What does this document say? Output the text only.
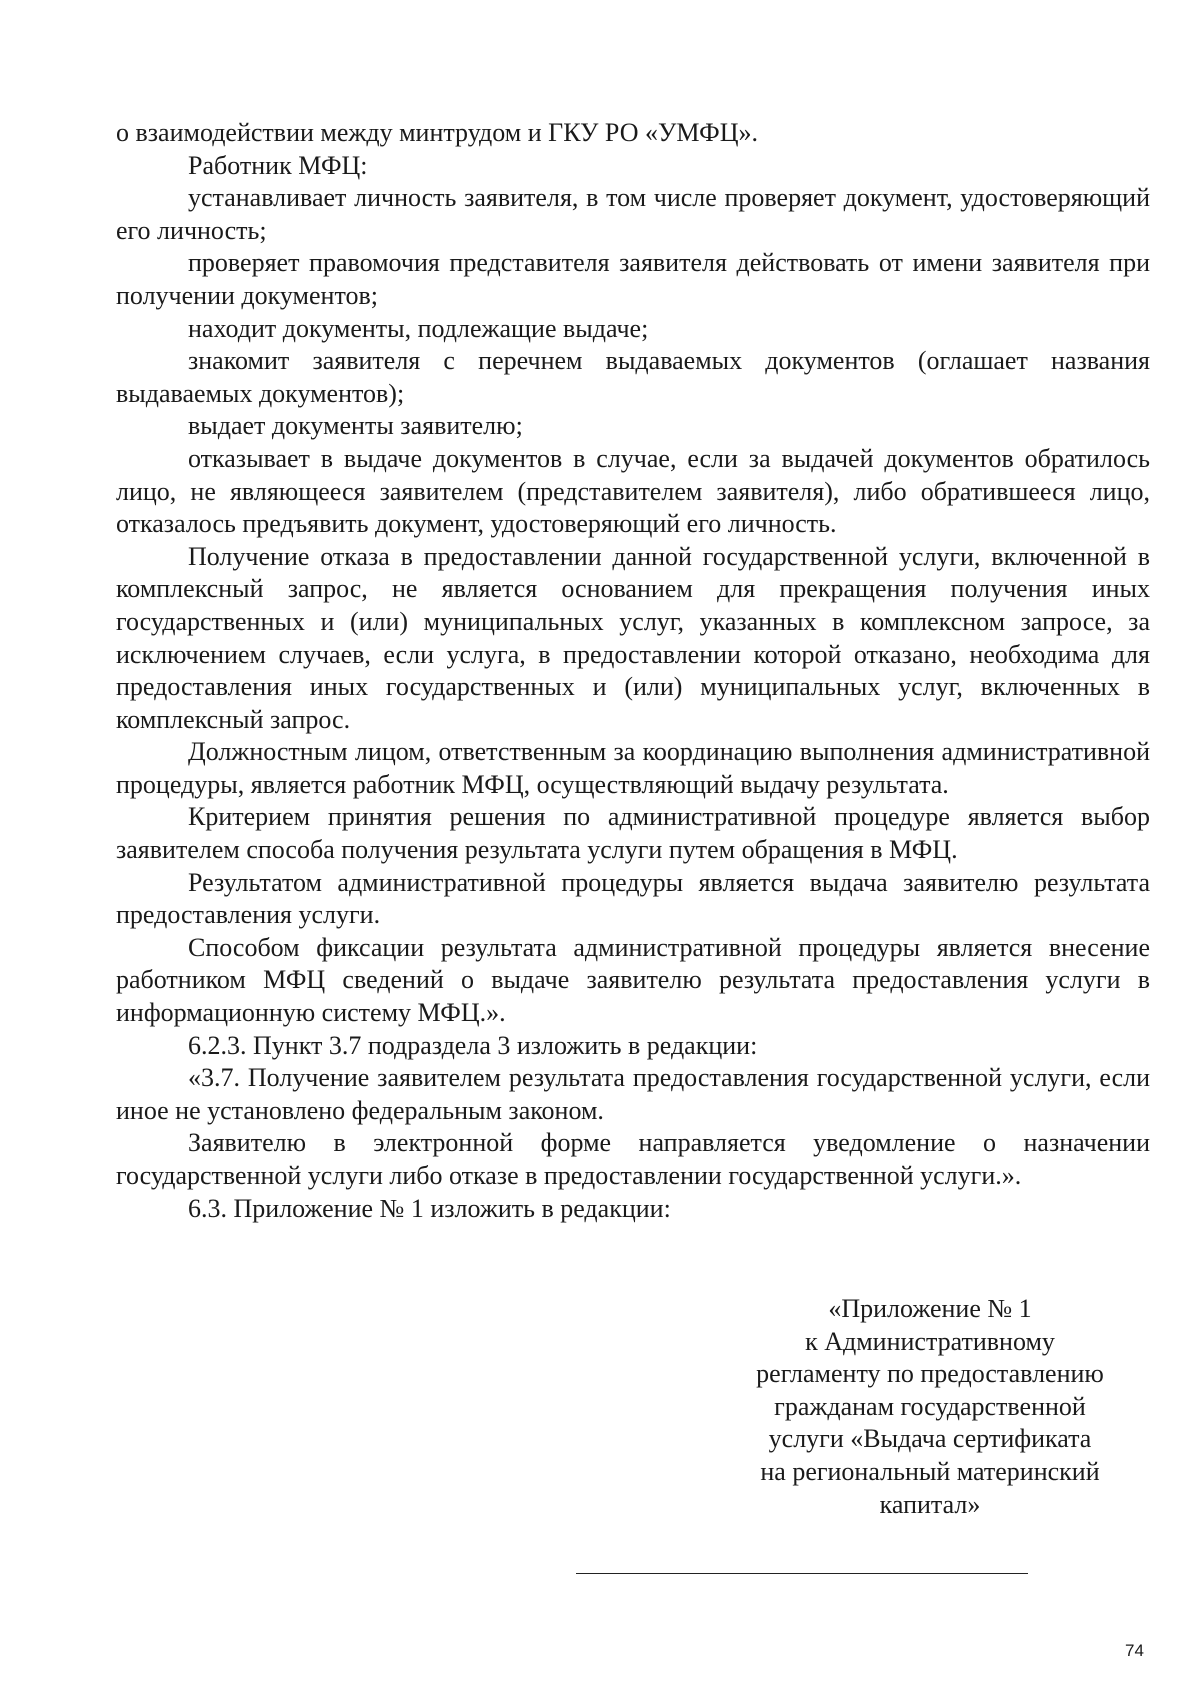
о взаимодействии между минтрудом и ГКУ РО «УМФЦ».

Работник МФЦ:

устанавливает личность заявителя, в том числе проверяет документ, удостоверяющий его личность;

проверяет правомочия представителя заявителя действовать от имени заявителя при получении документов;

находит документы, подлежащие выдаче;

знакомит заявителя с перечнем выдаваемых документов (оглашает названия выдаваемых документов);

выдает документы заявителю;

отказывает в выдаче документов в случае, если за выдачей документов обратилось лицо, не являющееся заявителем (представителем заявителя), либо обратившееся лицо, отказалось предъявить документ, удостоверяющий его личность.

Получение отказа в предоставлении данной государственной услуги, включенной в комплексный запрос, не является основанием для прекращения получения иных государственных и (или) муниципальных услуг, указанных в комплексном запросе, за исключением случаев, если услуга, в предоставлении которой отказано, необходима для предоставления иных государственных и (или) муниципальных услуг, включенных в комплексный запрос.

Должностным лицом, ответственным за координацию выполнения административной процедуры, является работник МФЦ, осуществляющий выдачу результата.

Критерием принятия решения по административной процедуре является выбор заявителем способа получения результата услуги путем обращения в МФЦ.

Результатом административной процедуры является выдача заявителю результата предоставления услуги.

Способом фиксации результата административной процедуры является внесение работником МФЦ сведений о выдаче заявителю результата предоставления услуги в информационную систему МФЦ.».

6.2.3. Пункт 3.7 подраздела 3 изложить в редакции:

«3.7. Получение заявителем результата предоставления государственной услуги, если иное не установлено федеральным законом.

Заявителю в электронной форме направляется уведомление о назначении государственной услуги либо отказе в предоставлении государственной услуги.».

6.3. Приложение № 1 изложить в редакции:

«Приложение № 1

к Административному

регламенту по предоставлению

гражданам государственной

услуги «Выдача сертификата

на региональный материнский

капитал»

74
